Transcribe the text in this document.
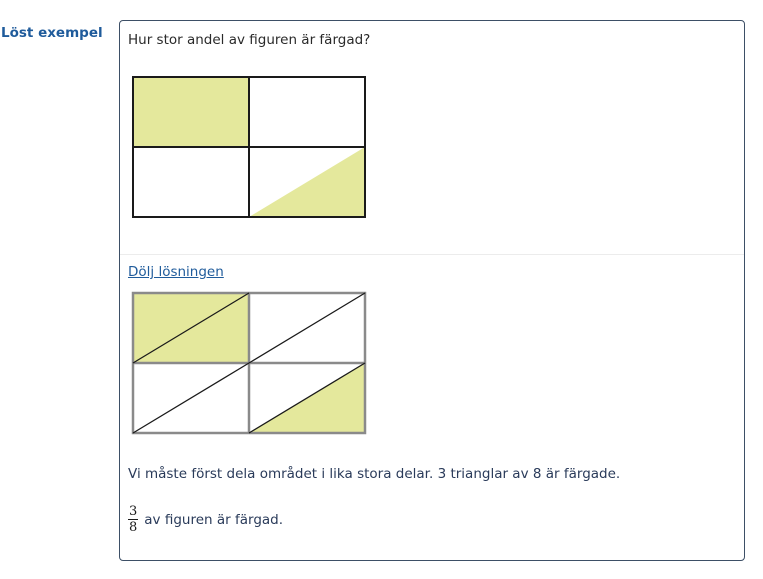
Löst exempel Hur stor andel av figuren är färgad?
Dölj lösningen
Vi måste först dela området i lika stora delar. 3 trianglar av 8 är färgade.
$\frac{3}{8}$ av figuren är färgad.
